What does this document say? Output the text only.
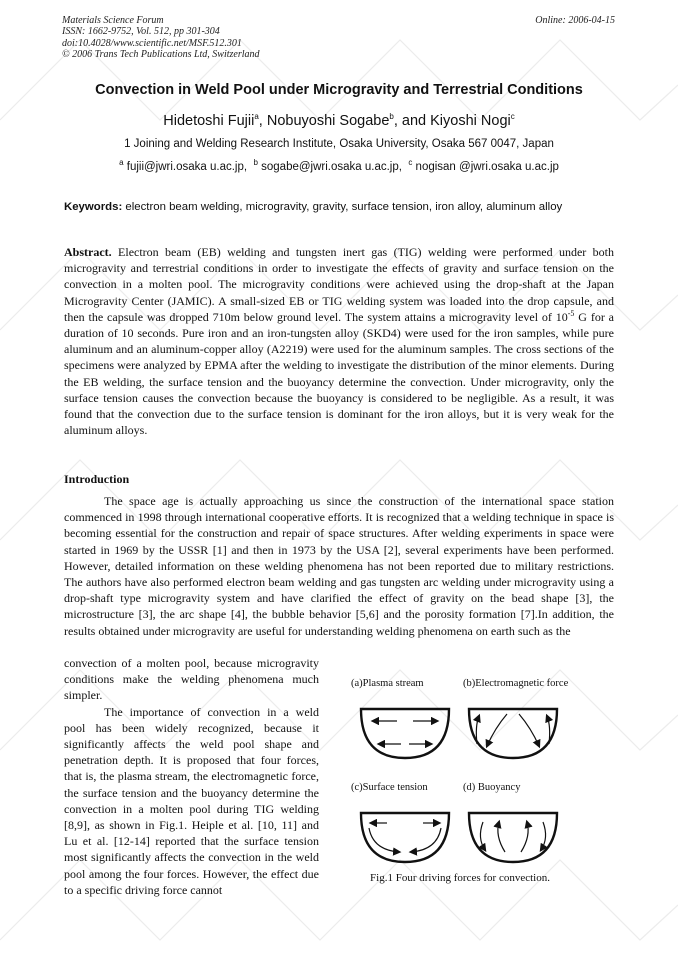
Materials Science Forum
ISSN: 1662-9752, Vol. 512, pp 301-304
doi:10.4028/www.scientific.net/MSF.512.301
© 2006 Trans Tech Publications Ltd, Switzerland
Online: 2006-04-15
Convection in Weld Pool under Microgravity and Terrestrial Conditions
Hidetoshi Fujii$^a$, Nobuyoshi Sogabe$^b$, and Kiyoshi Nogi$^c$
1 Joining and Welding Research Institute, Osaka University, Osaka 567 0047, Japan
$^a$ fujii@jwri.osaka u.ac.jp, $^b$ sogabe@jwri.osaka u.ac.jp, $^c$ nogisan @jwri.osaka u.ac.jp
Keywords: electron beam welding, microgravity, gravity, surface tension, iron alloy, aluminum alloy

Abstract. Electron beam (EB) welding and tungsten inert gas (TIG) welding were performed under both microgravity and terrestrial conditions in order to investigate the effects of gravity and surface tension on the convection in a molten pool. The microgravity conditions were achieved using the drop-shaft at the Japan Microgravity Center (JAMIC). A small-sized EB or TIG welding system was loaded into the drop capsule, and then the capsule was dropped 710m below ground level. The system attains a microgravity level of $10^{-5}$ G for a duration of 10 seconds. Pure iron and an iron-tungsten alloy (SKD4) were used for the iron samples, while pure aluminum and an aluminum-copper alloy (A2219) were used for the aluminum samples. The cross sections of the specimens were analyzed by EPMA after the welding to investigate the distribution of the minor elements. During the EB welding, the surface tension and the buoyancy determine the convection. Under microgravity, only the surface tension causes the convection because the buoyancy is considered to be negligible. As a result, it was found that the convection due to the surface tension is dominant for the iron alloys, but it is very weak for the aluminum alloys.

Introduction

The space age is actually approaching us since the construction of the international space station commenced in 1998 through international cooperative efforts. It is recognized that a welding technique in space is becoming essential for the construction and repair of space structures. After welding experiments in space were started in 1969 by the USSR [1] and then in 1973 by the USA [2], several experiments have been performed. However, detailed information on these welding phenomena has not been reported due to military restrictions. The authors have also performed electron beam welding and gas tungsten arc welding under microgravity using a drop-shaft type microgravity system and have clarified the effect of gravity on the bead shape [3], the microstructure [3], the arc shape [4], the bubble behavior [5,6] and the porosity formation [7].In addition, the results obtained under microgravity are useful for understanding welding phenomena on earth such as the

convection of a molten pool, because microgravity conditions make the welding phenomena much simpler.

The importance of convection in a weld pool has been widely recognized, because it significantly affects the weld pool shape and penetration depth. It is proposed that four forces, that is, the plasma stream, the electromagnetic force, the surface tension and the buoyancy determine the convection in a molten pool during TIG welding [8,9], as shown in Fig.1. Heiple et al. [10, 11] and Lu et al. [12-14] reported that the surface tension most significantly affects the convection in the weld pool among the four forces. However, the effect due to a specific driving force cannot

(a)Plasma stream	(b)Electromagnetic force
(c)Surface tension	(d) Buoyancy
Fig.1 Four driving forces for convection.
